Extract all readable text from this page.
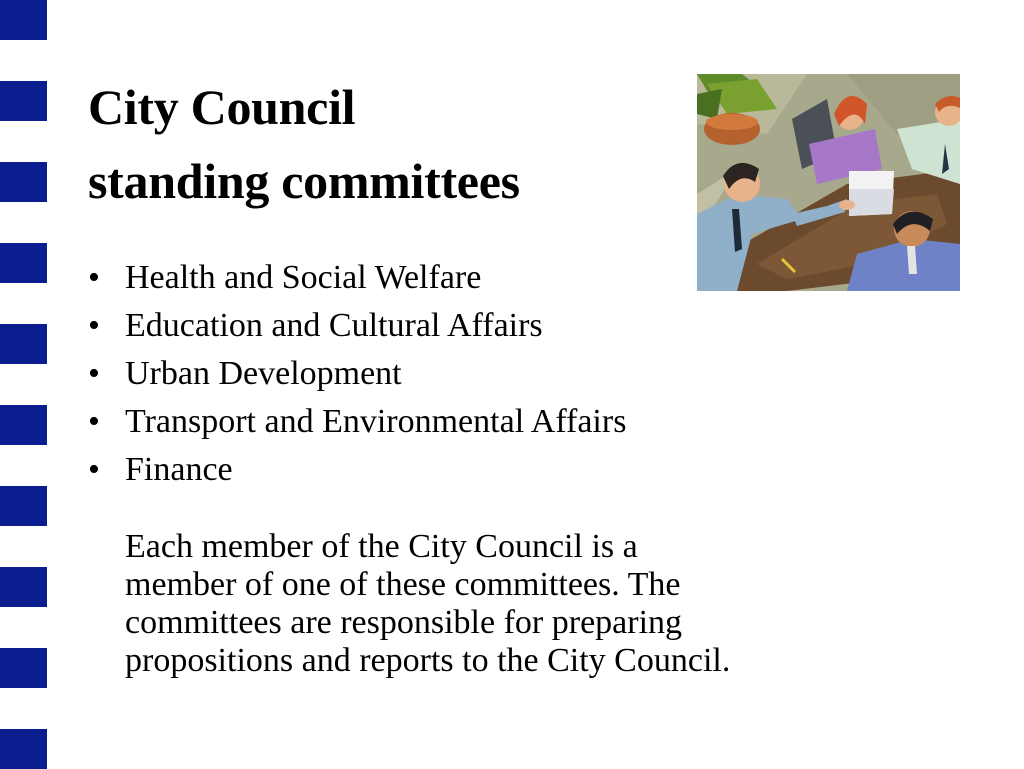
City Council
standing committees
• Health and Social Welfare
• Education and Cultural Affairs
• Urban Development
• Transport and Environmental Affairs
• Finance

Each member of the City Council is a
member of one of these committees. The
committees are responsible for preparing
propositions and reports to the City Council.
